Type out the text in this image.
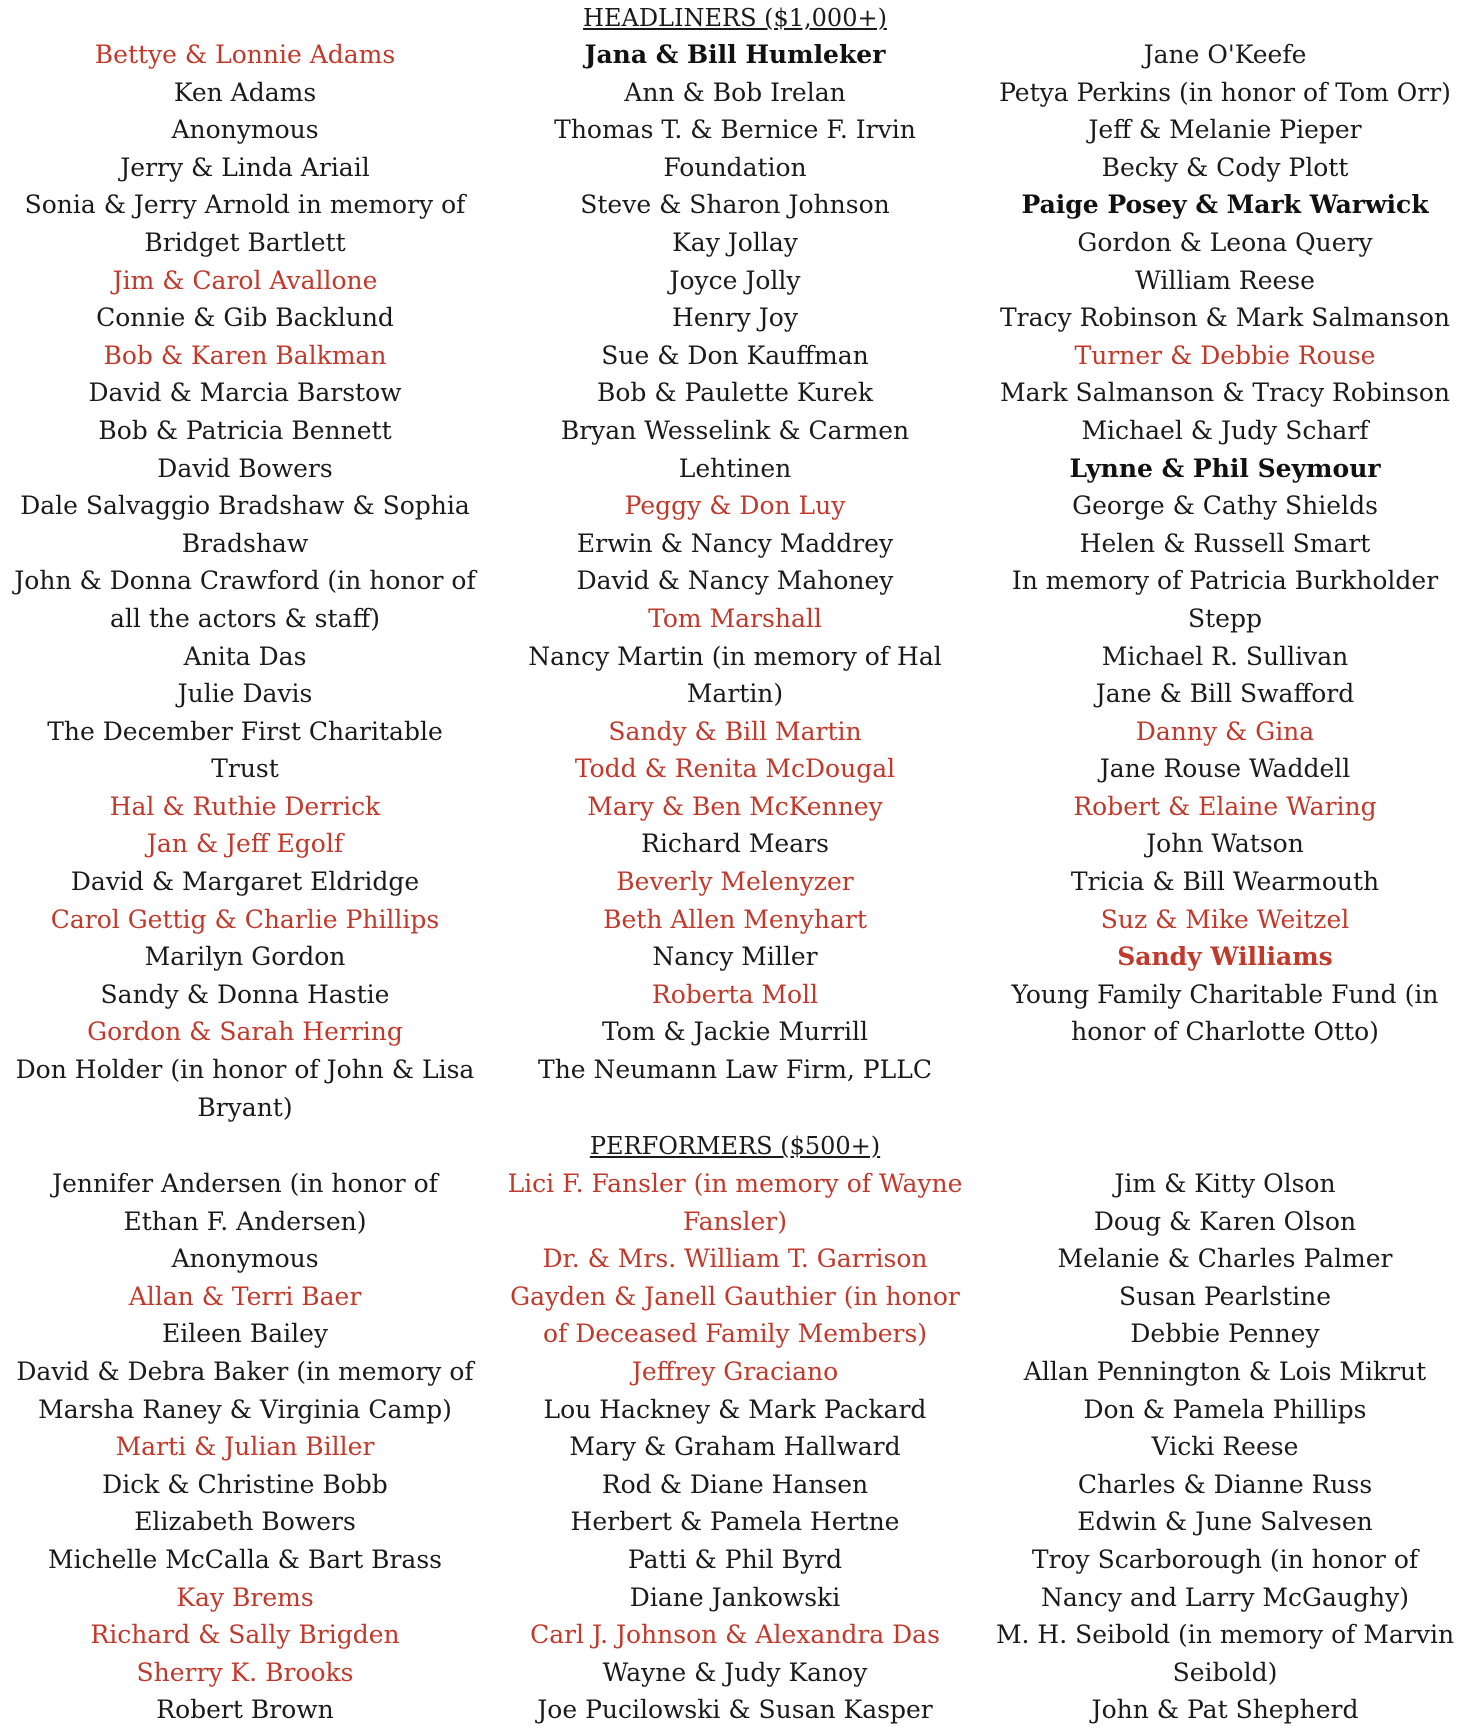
HEADLINERS ($1,000+)
Bettye & Lonnie Adams
Ken Adams
Anonymous
Jerry & Linda Ariail
Sonia & Jerry Arnold in memory of Bridget Bartlett
Jim & Carol Avallone
Connie & Gib Backlund
Bob & Karen Balkman
David & Marcia Barstow
Bob & Patricia Bennett
David Bowers
Dale Salvaggio Bradshaw & Sophia Bradshaw
John & Donna Crawford (in honor of all the actors & staff)
Anita Das
Julie Davis
The December First Charitable Trust
Hal & Ruthie Derrick
Jan & Jeff Egolf
David & Margaret Eldridge
Carol Gettig & Charlie Phillips
Marilyn Gordon
Sandy & Donna Hastie
Gordon & Sarah Herring
Don Holder (in honor of John & Lisa Bryant)
Jana & Bill Humleker
Ann & Bob Irelan
Thomas T. & Bernice F. Irvin Foundation
Steve & Sharon Johnson
Kay Jollay
Joyce Jolly
Henry Joy
Sue & Don Kauffman
Bob & Paulette Kurek
Bryan Wesselink & Carmen Lehtinen
Peggy & Don Luy
Erwin & Nancy Maddrey
David & Nancy Mahoney
Tom Marshall
Nancy Martin (in memory of Hal Martin)
Sandy & Bill Martin
Todd & Renita McDougal
Mary & Ben McKenney
Richard Mears
Beverly Melenyzer
Beth Allen Menyhart
Nancy Miller
Roberta Moll
Tom & Jackie Murrill
The Neumann Law Firm, PLLC
Jane O'Keefe
Petya Perkins (in honor of Tom Orr)
Jeff & Melanie Pieper
Becky & Cody Plott
Paige Posey & Mark Warwick
Gordon & Leona Query
William Reese
Tracy Robinson & Mark Salmanson
Turner & Debbie Rouse
Mark Salmanson & Tracy Robinson
Michael & Judy Scharf
Lynne & Phil Seymour
George & Cathy Shields
Helen & Russell Smart
In memory of Patricia Burkholder Stepp
Michael R. Sullivan
Jane & Bill Swafford
Danny & Gina
Jane Rouse Waddell
Robert & Elaine Waring
John Watson
Tricia & Bill Wearmouth
Suz & Mike Weitzel
Sandy Williams
Young Family Charitable Fund (in honor of Charlotte Otto)
PERFORMERS ($500+)
Jennifer Andersen (in honor of Ethan F. Andersen)
Anonymous
Allan & Terri Baer
Eileen Bailey
David & Debra Baker (in memory of Marsha Raney & Virginia Camp)
Marti & Julian Biller
Dick & Christine Bobb
Elizabeth Bowers
Michelle McCalla & Bart Brass
Kay Brems
Richard & Sally Brigden
Sherry K. Brooks
Robert Brown
Lici F. Fansler (in memory of Wayne Fansler)
Dr. & Mrs. William T. Garrison
Gayden & Janell Gauthier (in honor of Deceased Family Members)
Jeffrey Graciano
Lou Hackney & Mark Packard
Mary & Graham Hallward
Rod & Diane Hansen
Herbert & Pamela Hertne
Patti & Phil Byrd
Diane Jankowski
Carl J. Johnson & Alexandra Das
Wayne & Judy Kanoy
Joe Pucilowski & Susan Kasper
Jim & Kitty Olson
Doug & Karen Olson
Melanie & Charles Palmer
Susan Pearlstine
Debbie Penney
Allan Pennington & Lois Mikrut
Don & Pamela Phillips
Vicki Reese
Charles & Dianne Russ
Edwin & June Salvesen
Troy Scarborough (in honor of Nancy and Larry McGaughy)
M. H. Seibold (in memory of Marvin Seibold)
John & Pat Shepherd
